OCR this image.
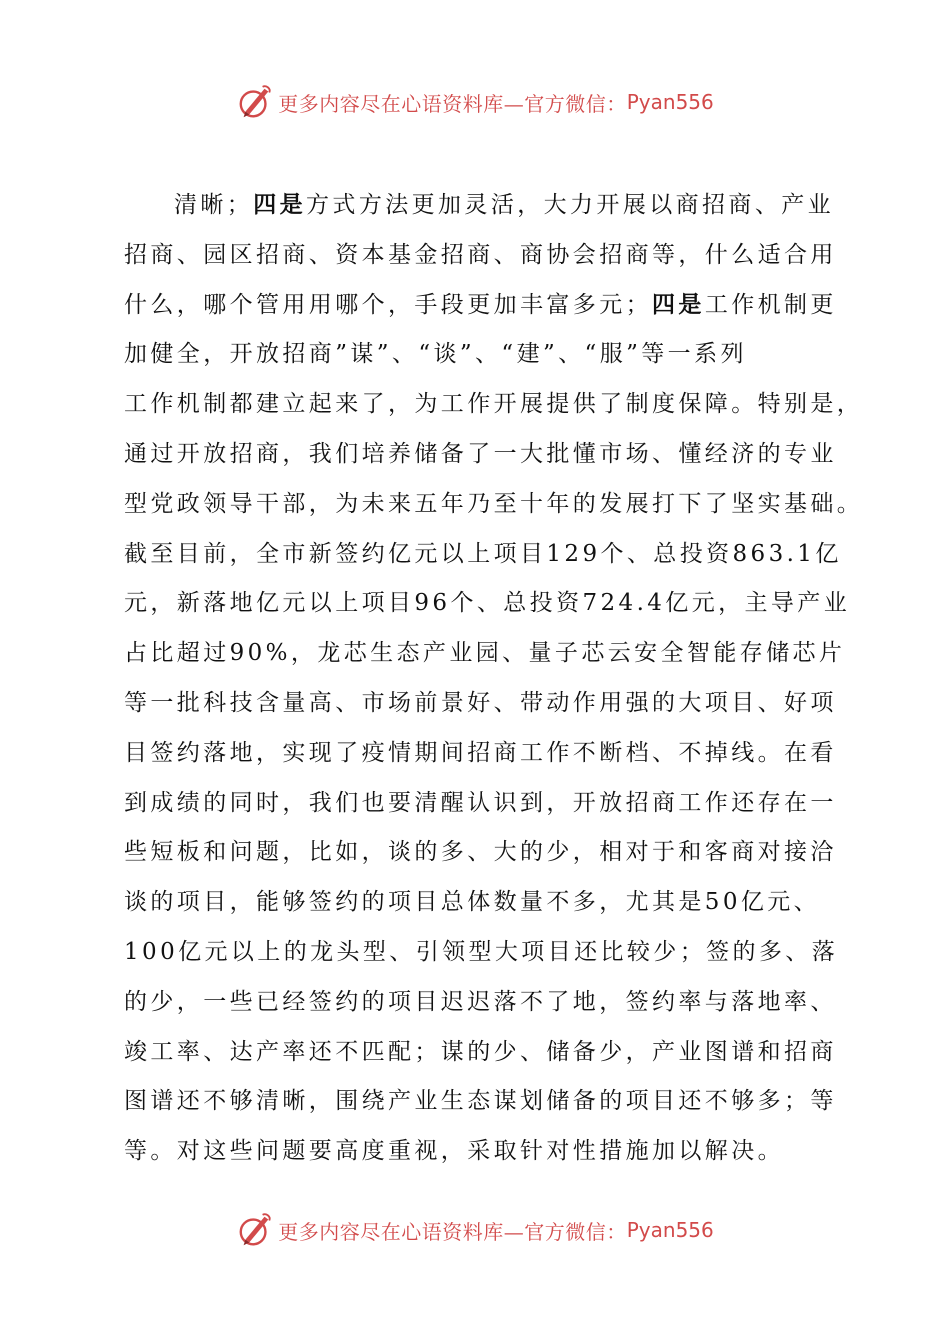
更多内容尽在心语资料库—官方微信： Pyan556
清晰；四是方式方法更加灵活，大力开展以商招商、产业
招商、园区招商、资本基金招商、商协会招商等，什么适合用
什么，哪个管用用哪个，手段更加丰富多元；四是工作机制更
加健全，开放招商”谋”、“谈”、“建”、“服”等一系列
工作机制都建立起来了，为工作开展提供了制度保障。特别是，
通过开放招商，我们培养储备了一大批懂市场、懂经济的专业
型党政领导干部，为未来五年乃至十年的发展打下了坚实基础。
截至目前，全市新签约亿元以上项目129个、总投资863.1亿
元，新落地亿元以上项目96个、总投资724.4亿元，主导产业
占比超过90%，龙芯生态产业园、量子芯云安全智能存储芯片
等一批科技含量高、市场前景好、带动作用强的大项目、好项
目签约落地，实现了疫情期间招商工作不断档、不掉线。在看
到成绩的同时，我们也要清醒认识到，开放招商工作还存在一
些短板和问题，比如，谈的多、大的少，相对于和客商对接洽
谈的项目，能够签约的项目总体数量不多，尤其是50亿元、
100亿元以上的龙头型、引领型大项目还比较少；签的多、落
的少，一些已经签约的项目迟迟落不了地，签约率与落地率、
竣工率、达产率还不匹配；谋的少、储备少，产业图谱和招商
图谱还不够清晰，围绕产业生态谋划储备的项目还不够多；等
等。对这些问题要高度重视，采取针对性措施加以解决。
更多内容尽在心语资料库—官方微信： Pyan556
